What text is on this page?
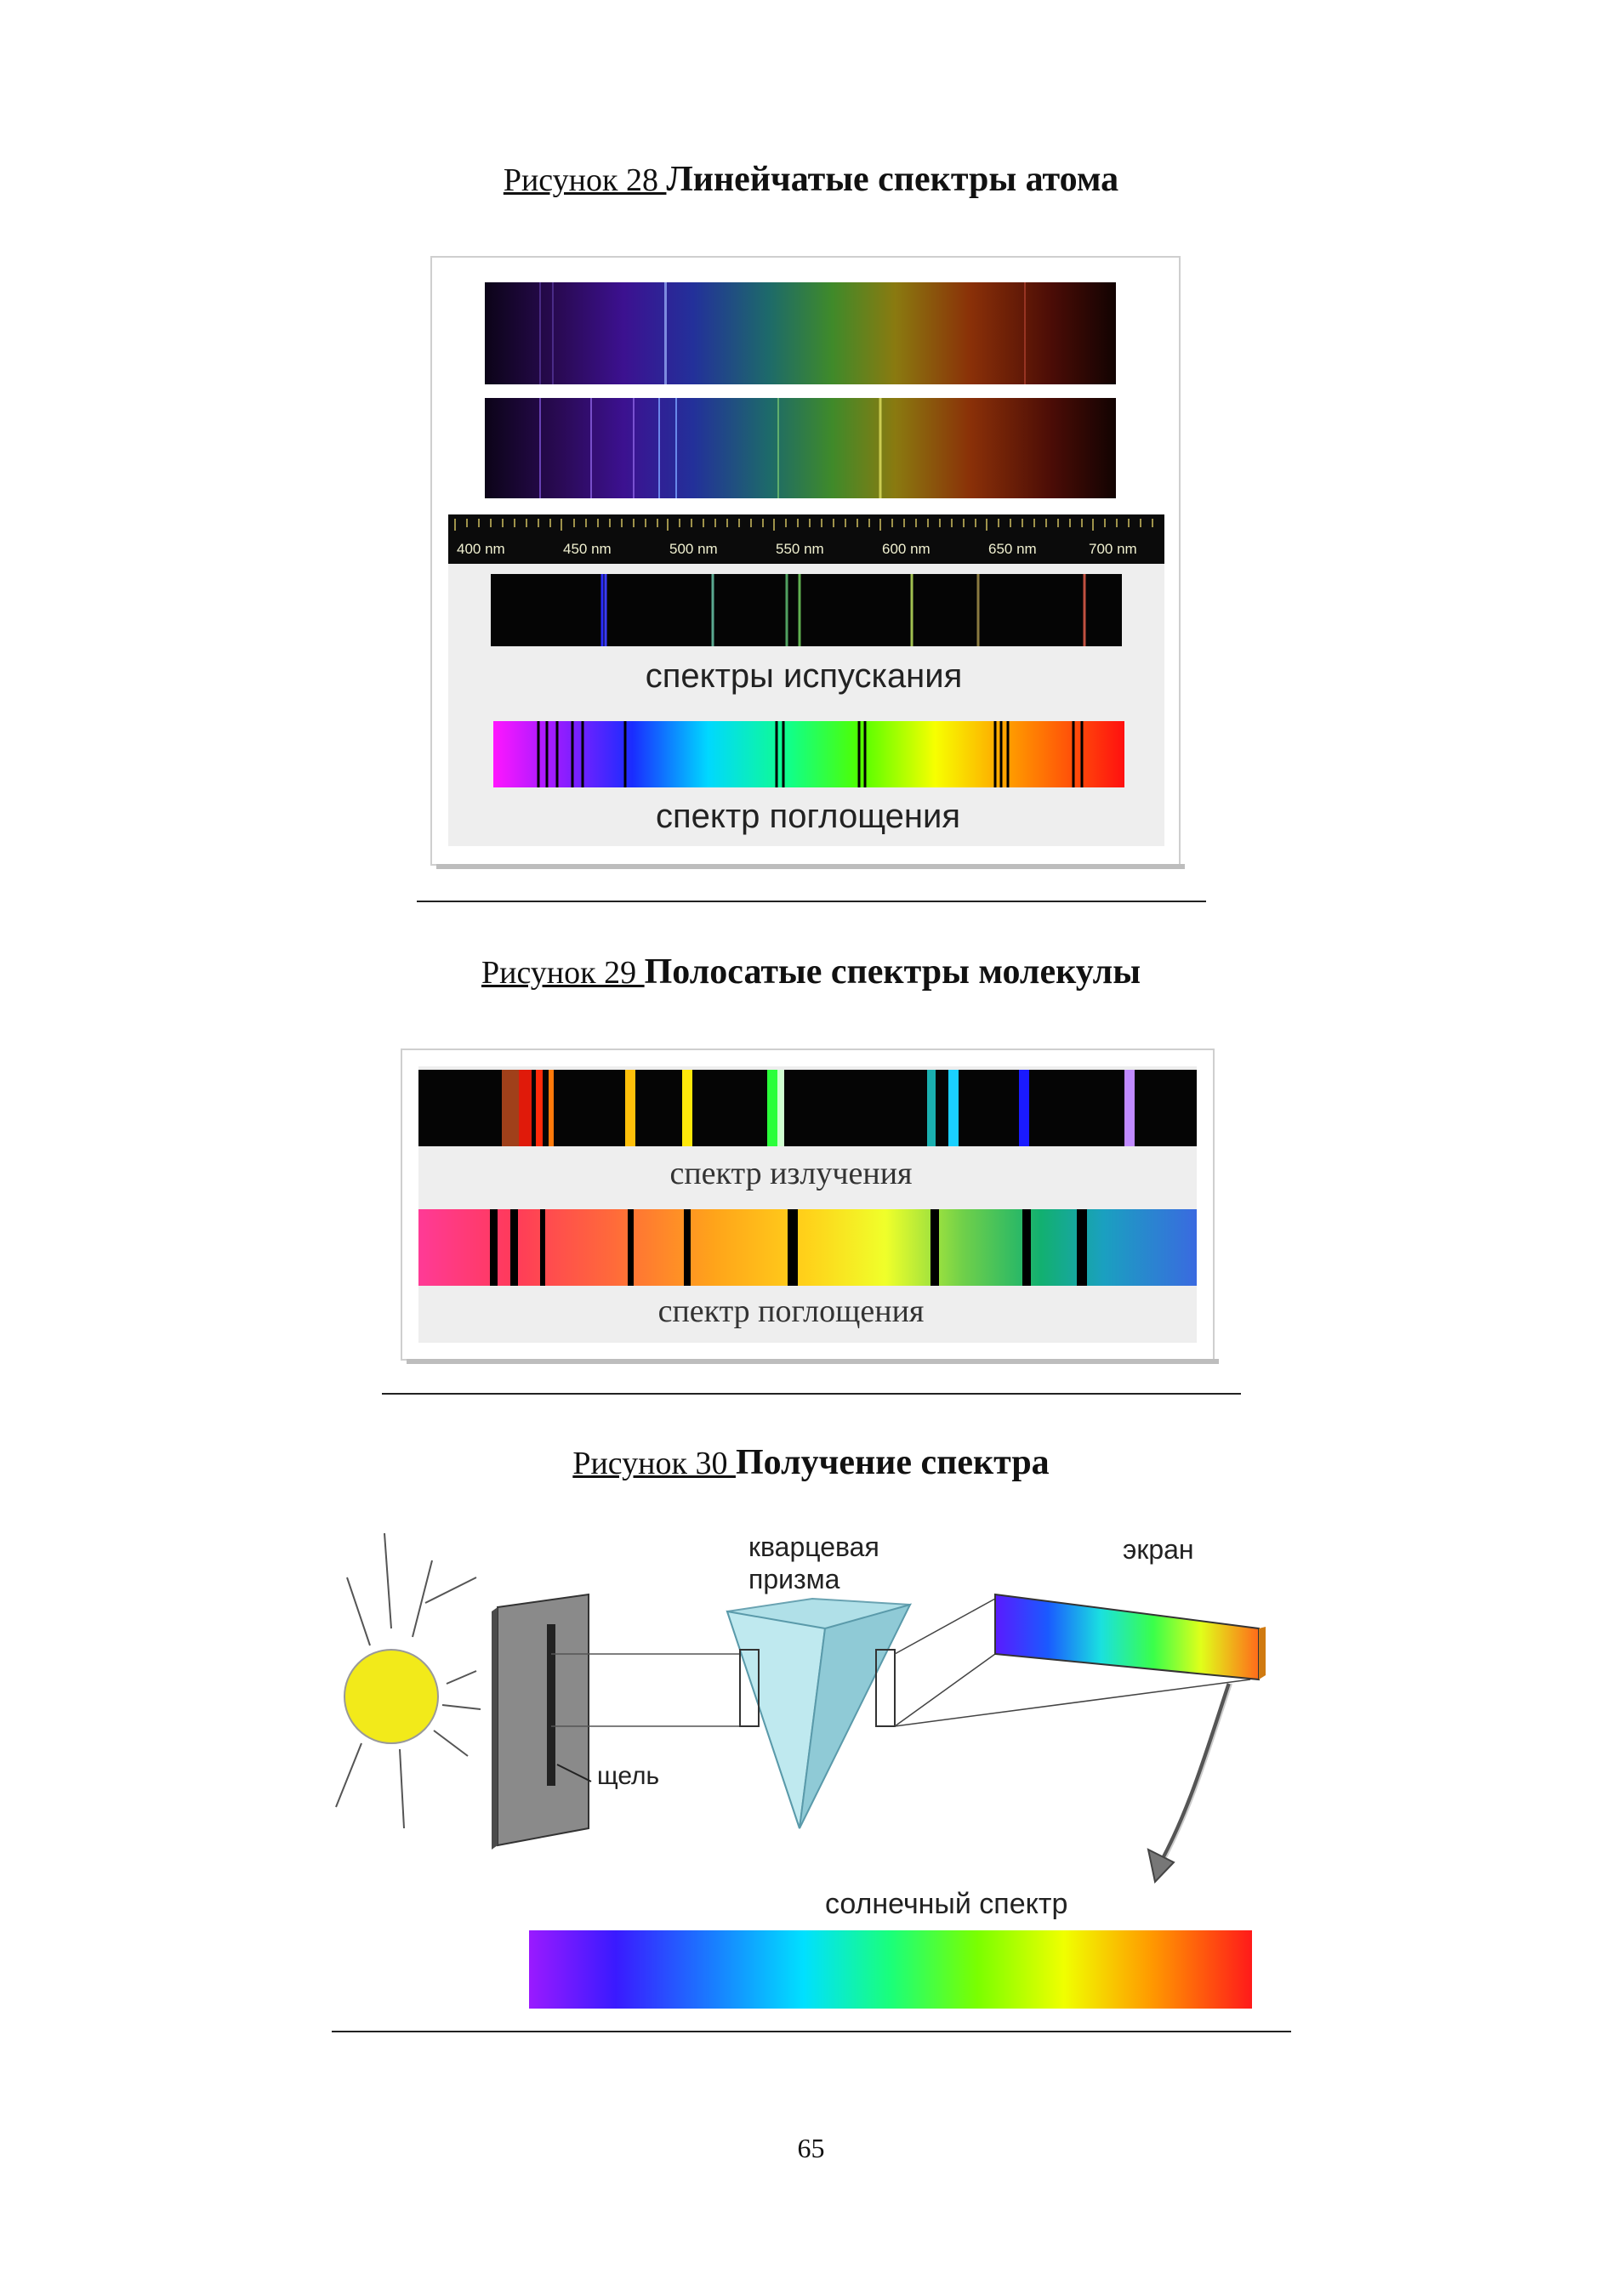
Рисунок 28 Линейчатые спектры атома
400 nm	450 nm	500 nm	550 nm	600 nm	650 nm	700 nm
спектры испускания
спектр поглощения
Рисунок 29 Полосатые спектры молекулы
спектр излучения
спектр поглощения
Рисунок 30 Получение спектра
щель
кварцевая
призма
экран
солнечный спектр
65
